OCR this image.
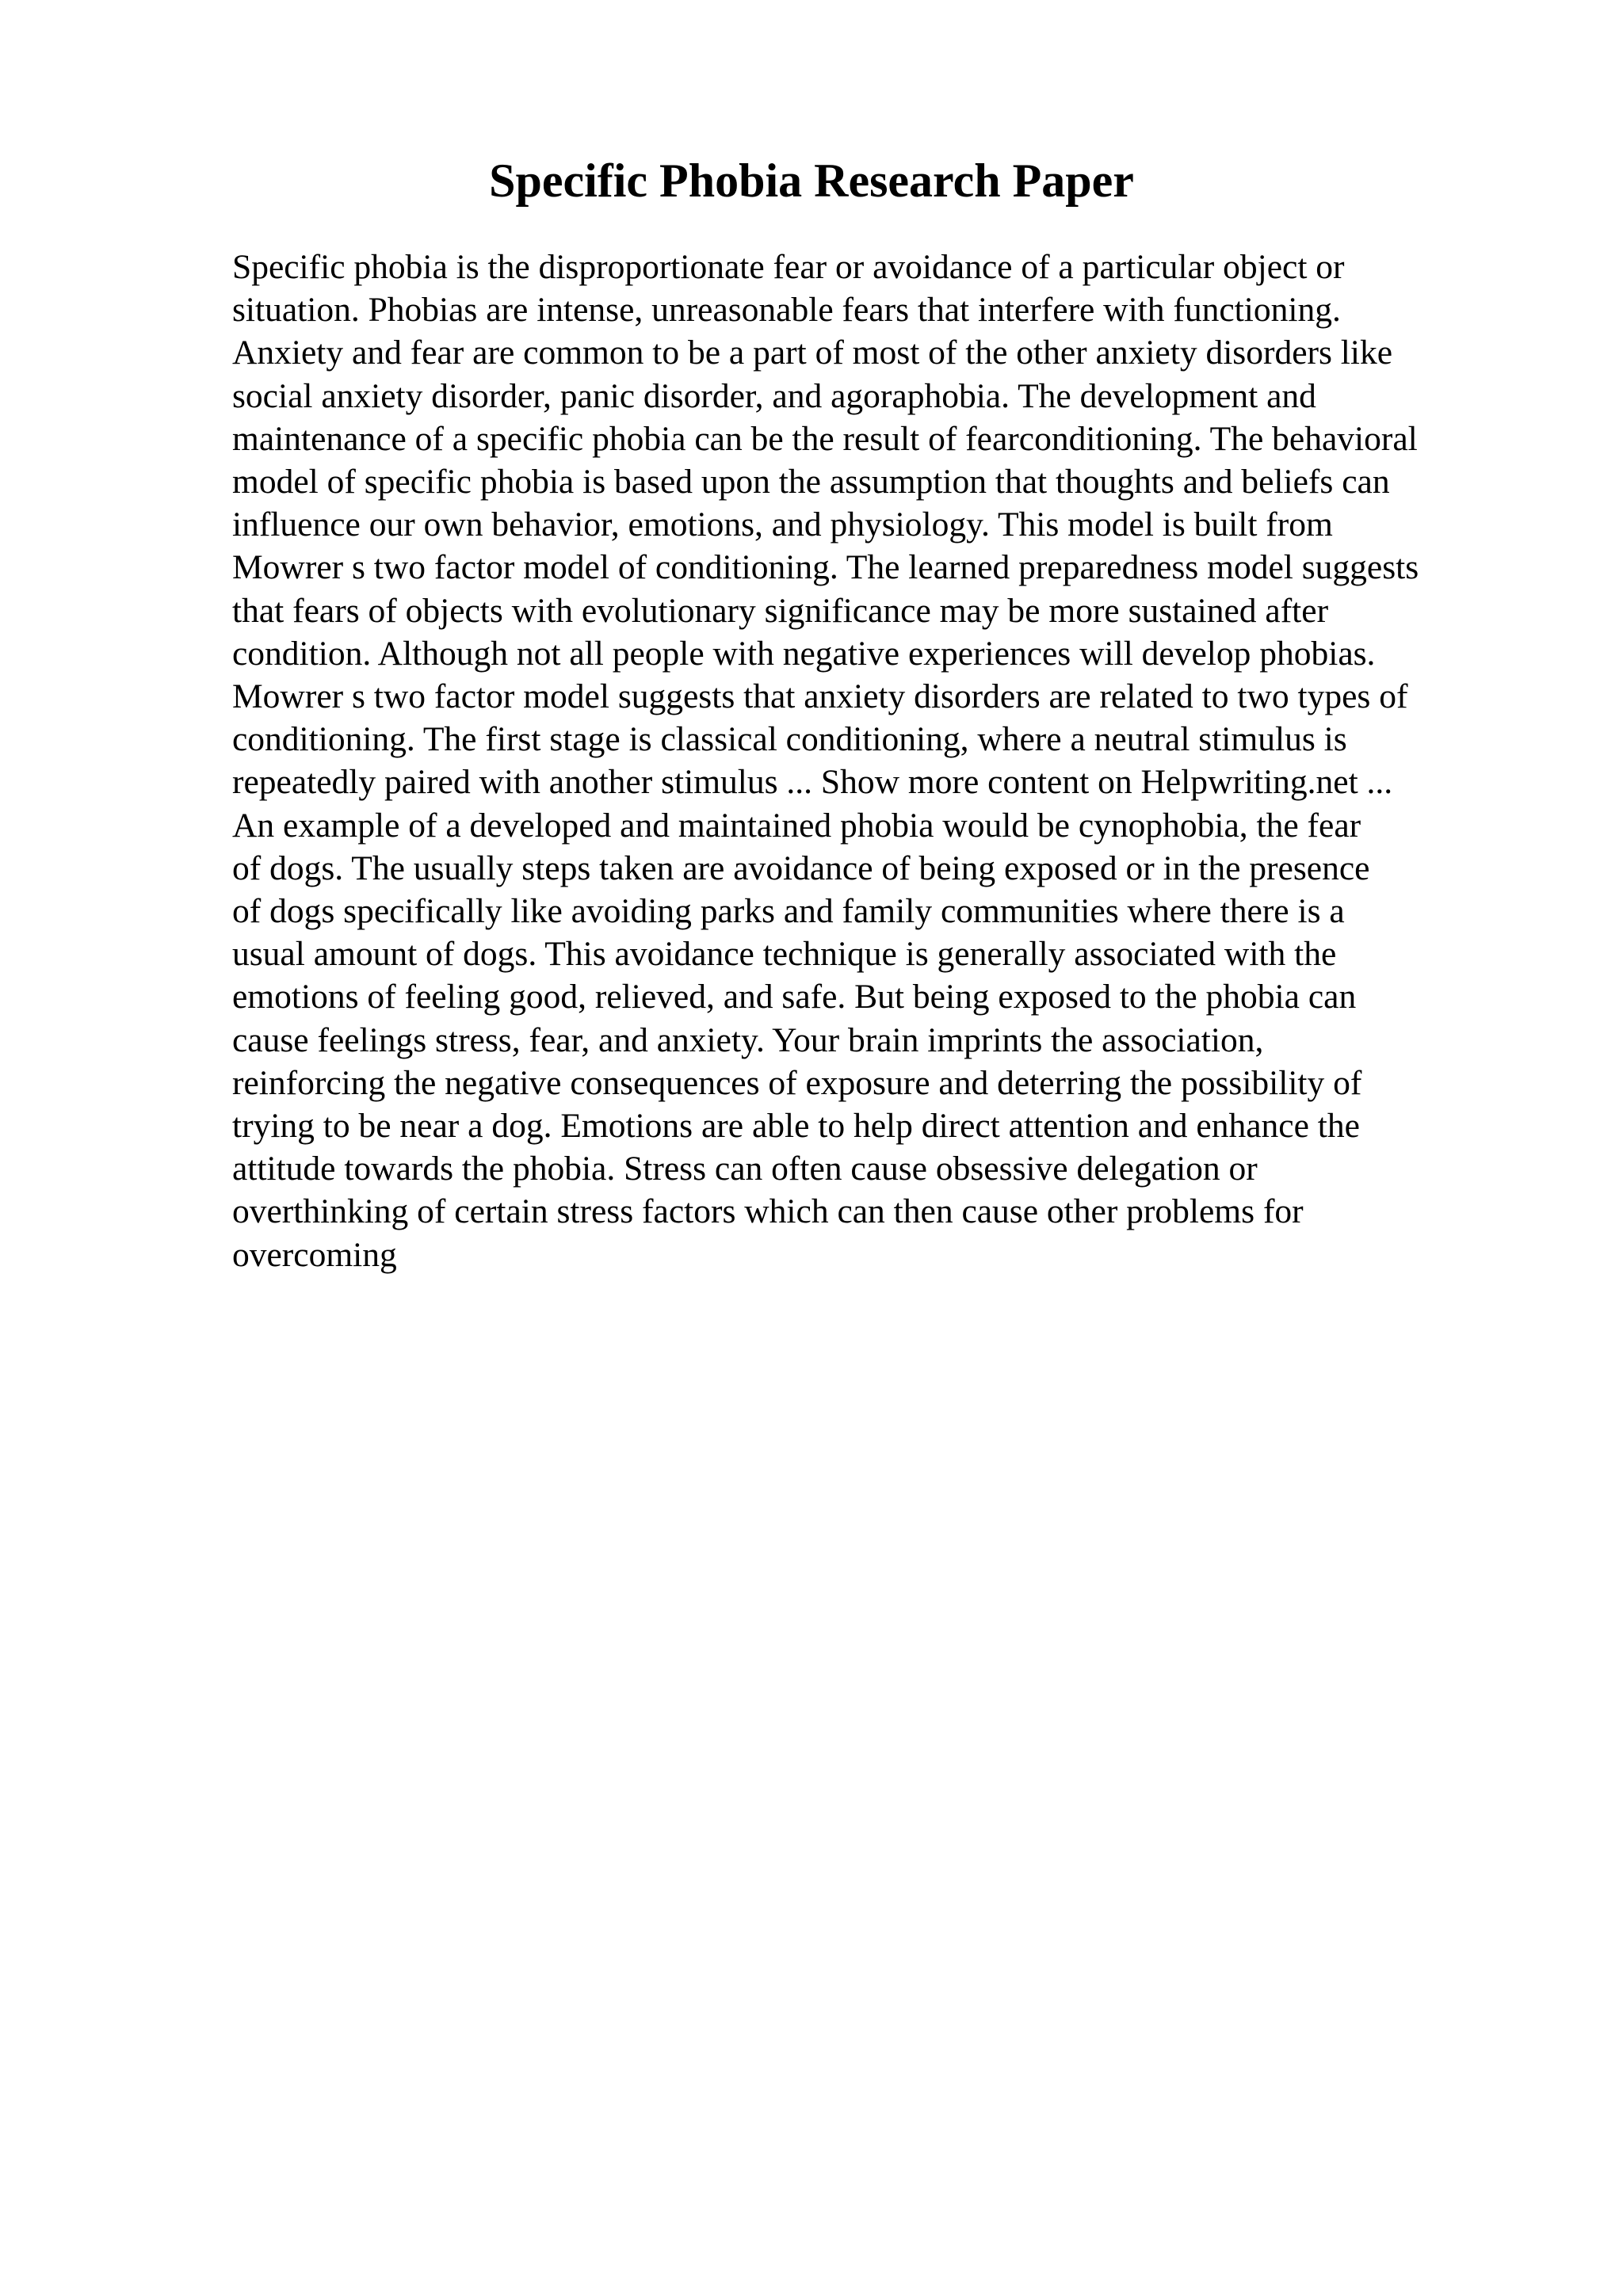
Specific Phobia Research Paper
Specific phobia is the disproportionate fear or avoidance of a particular object or
situation. Phobias are intense, unreasonable fears that interfere with functioning.
Anxiety and fear are common to be a part of most of the other anxiety disorders like
social anxiety disorder, panic disorder, and agoraphobia. The development and
maintenance of a specific phobia can be the result of fearconditioning. The behavioral
model of specific phobia is based upon the assumption that thoughts and beliefs can
influence our own behavior, emotions, and physiology. This model is built from
Mowrer s two factor model of conditioning. The learned preparedness model suggests
that fears of objects with evolutionary significance may be more sustained after
condition. Although not all people with negative experiences will develop phobias.
Mowrer s two factor model suggests that anxiety disorders are related to two types of
conditioning. The first stage is classical conditioning, where a neutral stimulus is
repeatedly paired with another stimulus ... Show more content on Helpwriting.net ...
An example of a developed and maintained phobia would be cynophobia, the fear
of dogs. The usually steps taken are avoidance of being exposed or in the presence
of dogs specifically like avoiding parks and family communities where there is a
usual amount of dogs. This avoidance technique is generally associated with the
emotions of feeling good, relieved, and safe. But being exposed to the phobia can
cause feelings stress, fear, and anxiety. Your brain imprints the association,
reinforcing the negative consequences of exposure and deterring the possibility of
trying to be near a dog. Emotions are able to help direct attention and enhance the
attitude towards the phobia. Stress can often cause obsessive delegation or
overthinking of certain stress factors which can then cause other problems for
overcoming
